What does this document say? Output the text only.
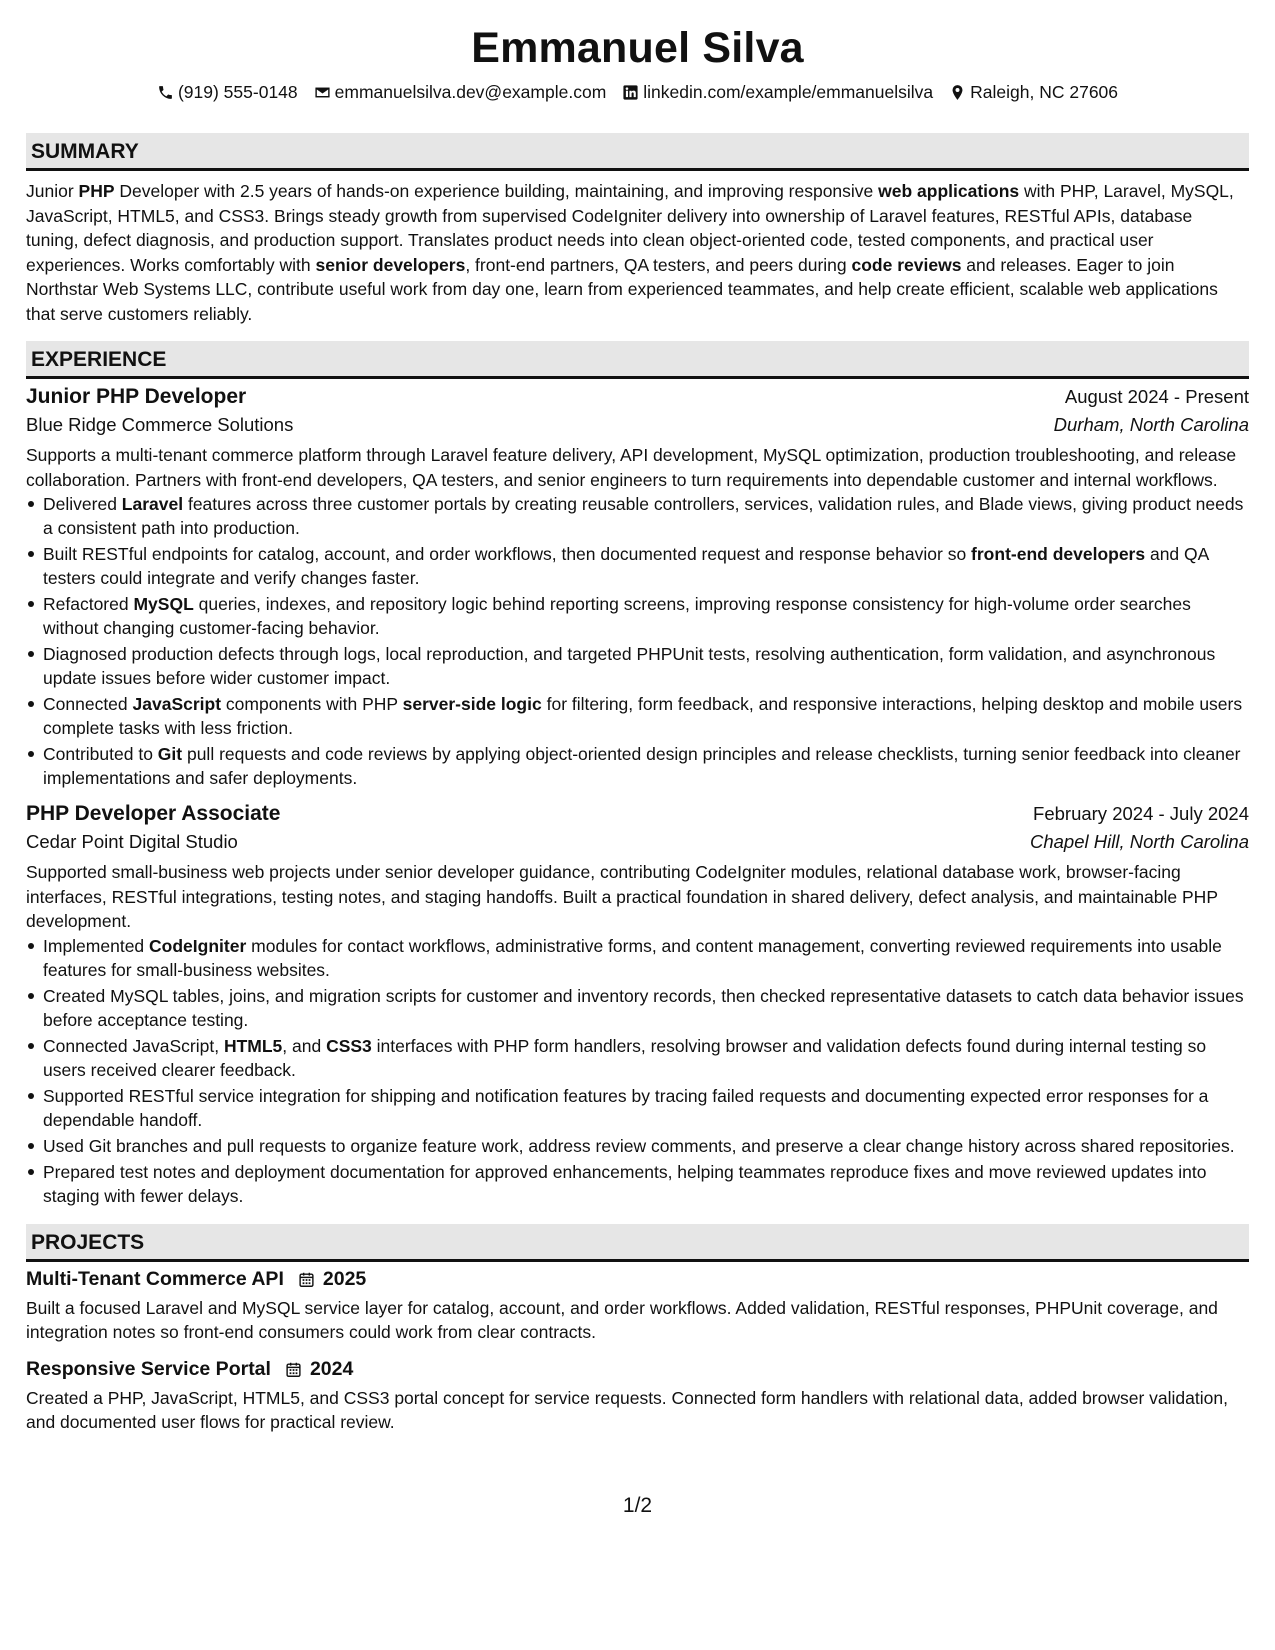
Emmanuel Silva
(919) 555-0148 emmanuelsilva.dev@example.com linkedin.com/example/emmanuelsilva Raleigh, NC 27606
SUMMARY

Junior PHP Developer with 2.5 years of hands-on experience building, maintaining, and improving responsive web applications with PHP, Laravel, MySQL, JavaScript, HTML5, and CSS3. Brings steady growth from supervised CodeIgniter delivery into ownership of Laravel features, RESTful APIs, database tuning, defect diagnosis, and production support. Translates product needs into clean object-oriented code, tested components, and practical user experiences. Works comfortably with senior developers, front-end partners, QA testers, and peers during code reviews and releases. Eager to join Northstar Web Systems LLC, contribute useful work from day one, learn from experienced teammates, and help create efficient, scalable web applications that serve customers reliably.

EXPERIENCE
Junior PHP Developer	August 2024 - Present
Blue Ridge Commerce Solutions	Durham, North Carolina

Supports a multi-tenant commerce platform through Laravel feature delivery, API development, MySQL optimization, production troubleshooting, and release collaboration. Partners with front-end developers, QA testers, and senior engineers to turn requirements into dependable customer and internal workflows.

Delivered Laravel features across three customer portals by creating reusable controllers, services, validation rules, and Blade views, giving product needs a consistent path into production.
Built RESTful endpoints for catalog, account, and order workflows, then documented request and response behavior so front-end developers and QA testers could integrate and verify changes faster.
Refactored MySQL queries, indexes, and repository logic behind reporting screens, improving response consistency for high-volume order searches without changing customer-facing behavior.
Diagnosed production defects through logs, local reproduction, and targeted PHPUnit tests, resolving authentication, form validation, and asynchronous update issues before wider customer impact.
Connected JavaScript components with PHP server-side logic for filtering, form feedback, and responsive interactions, helping desktop and mobile users complete tasks with less friction.
Contributed to Git pull requests and code reviews by applying object-oriented design principles and release checklists, turning senior feedback into cleaner implementations and safer deployments.
PHP Developer Associate	February 2024 - July 2024
Cedar Point Digital Studio	Chapel Hill, North Carolina

Supported small-business web projects under senior developer guidance, contributing CodeIgniter modules, relational database work, browser-facing interfaces, RESTful integrations, testing notes, and staging handoffs. Built a practical foundation in shared delivery, defect analysis, and maintainable PHP development.

Implemented CodeIgniter modules for contact workflows, administrative forms, and content management, converting reviewed requirements into usable features for small-business websites.
Created MySQL tables, joins, and migration scripts for customer and inventory records, then checked representative datasets to catch data behavior issues before acceptance testing.
Connected JavaScript, HTML5, and CSS3 interfaces with PHP form handlers, resolving browser and validation defects found during internal testing so users received clearer feedback.
Supported RESTful service integration for shipping and notification features by tracing failed requests and documenting expected error responses for a dependable handoff.
Used Git branches and pull requests to organize feature work, address review comments, and preserve a clear change history across shared repositories.
Prepared test notes and deployment documentation for approved enhancements, helping teammates reproduce fixes and move reviewed updates into staging with fewer delays.
PROJECTS
Multi-Tenant Commerce API 2025

Built a focused Laravel and MySQL service layer for catalog, account, and order workflows. Added validation, RESTful responses, PHPUnit coverage, and integration notes so front-end consumers could work from clear contracts.

Responsive Service Portal 2024

Created a PHP, JavaScript, HTML5, and CSS3 portal concept for service requests. Connected form handlers with relational data, added browser validation, and documented user flows for practical review.

1/2
